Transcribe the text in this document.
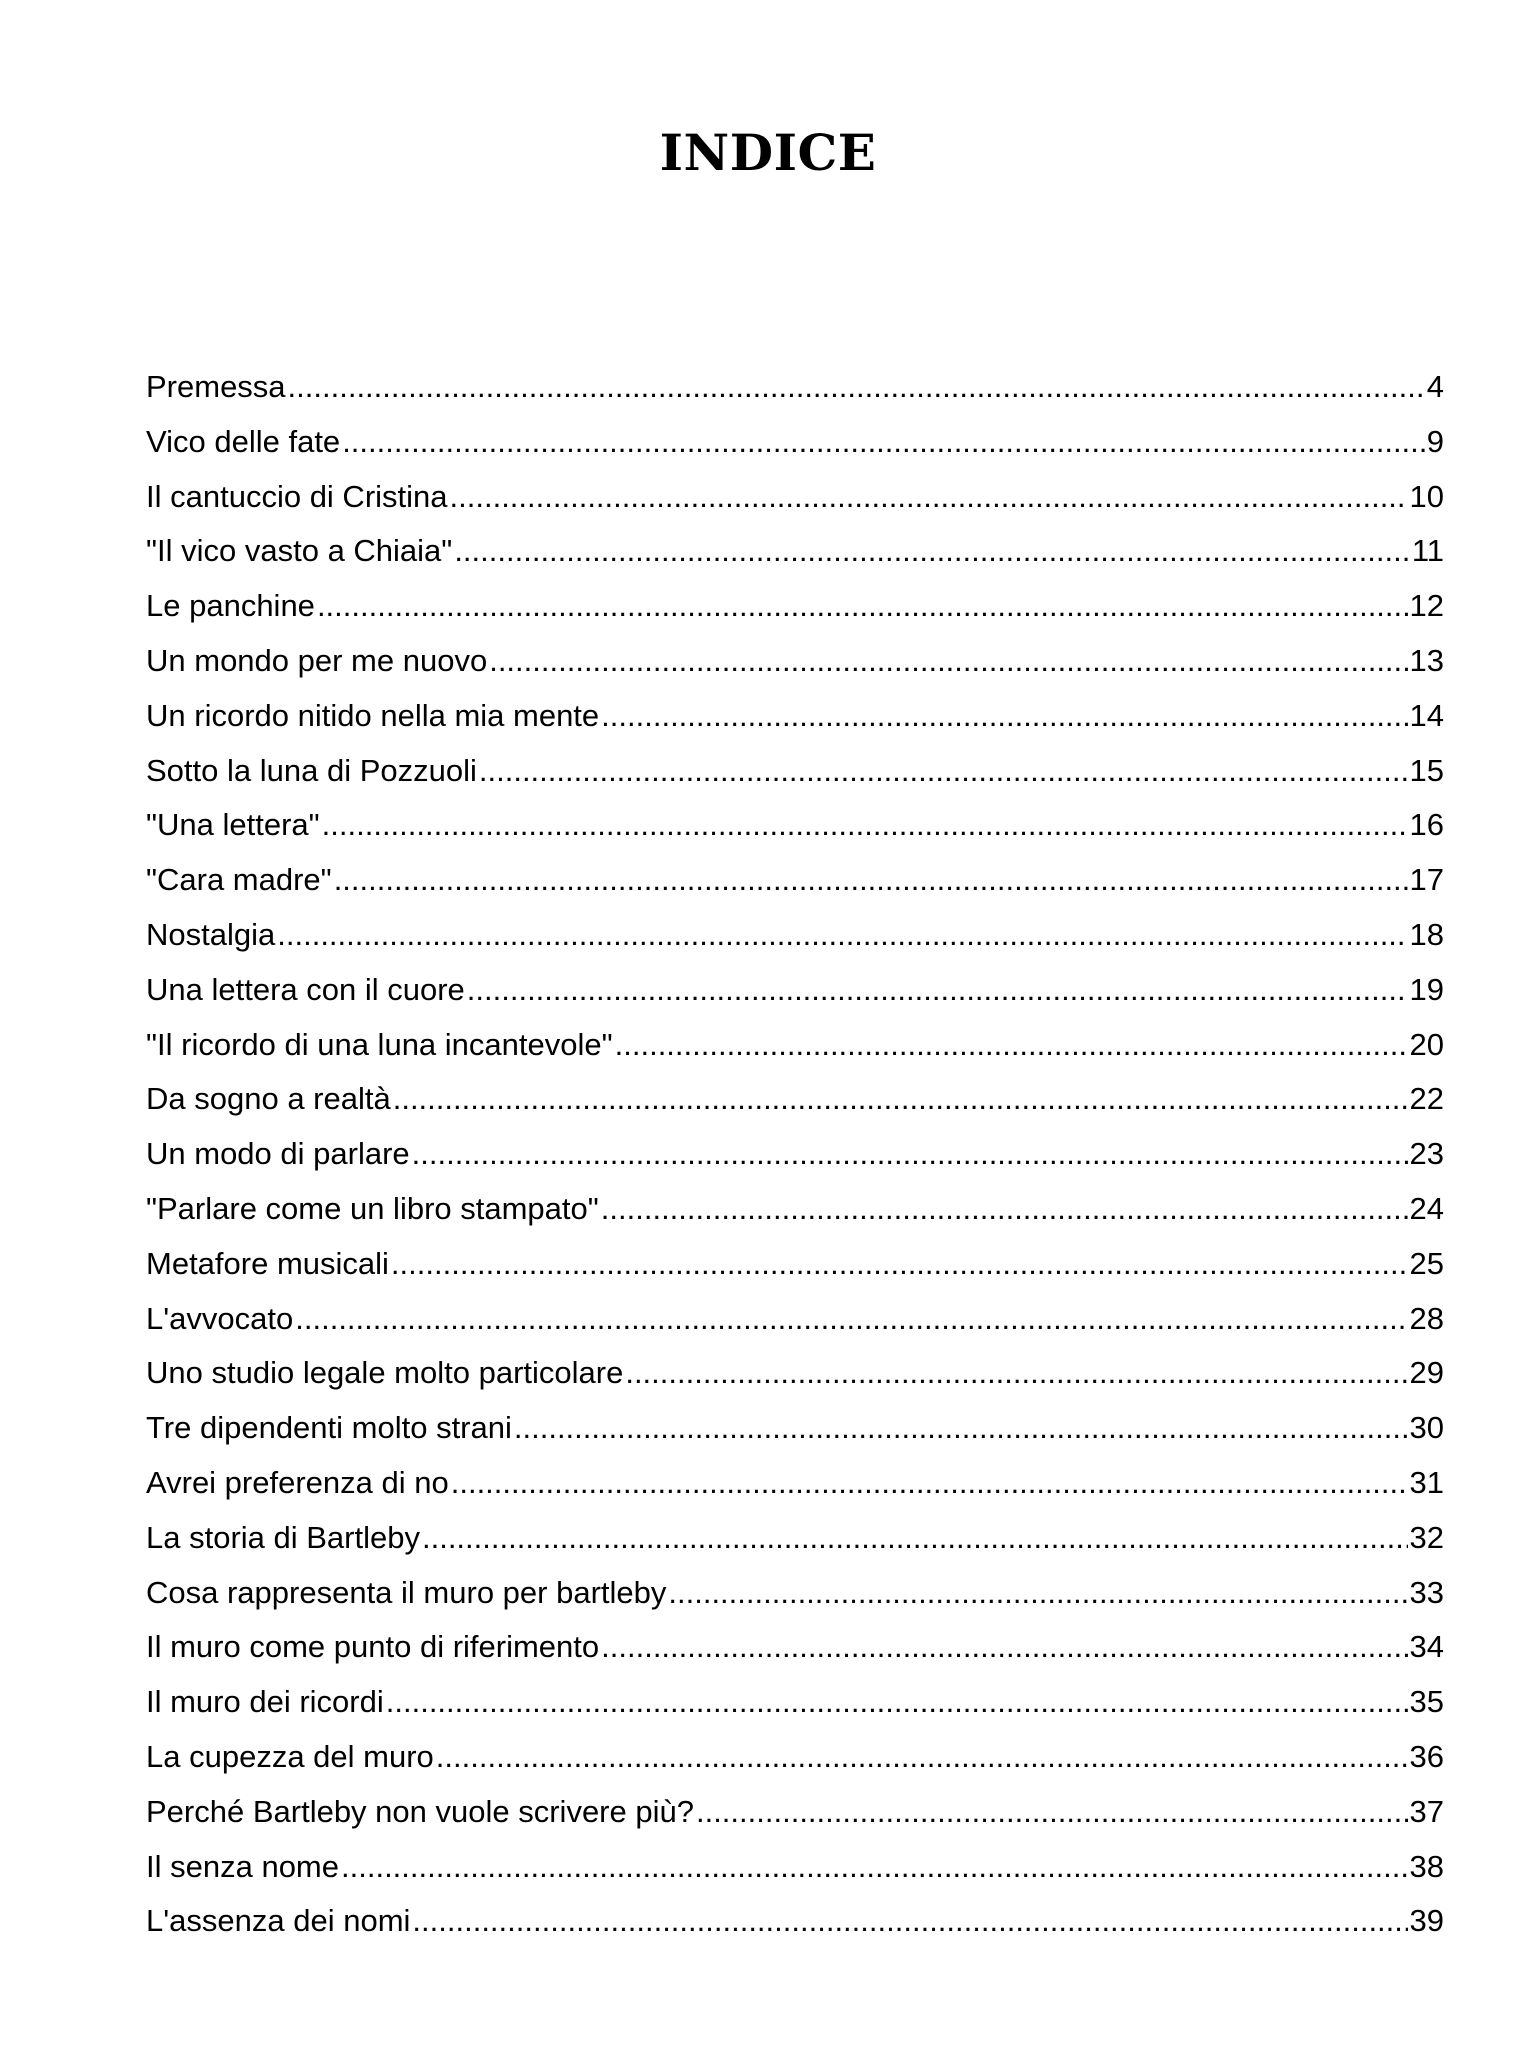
INDICE
Premessa .....	4
Vico delle fate .....	9
Il cantuccio di Cristina .....	10
"Il vico vasto a Chiaia" .....	11
Le panchine .....	12
Un mondo per me nuovo .....	13
Un ricordo nitido nella mia mente .....	14
Sotto la luna di Pozzuoli .....	15
"Una lettera" .....	16
"Cara madre" .....	17
Nostalgia .....	18
Una lettera con il cuore .....	19
"Il ricordo di una luna incantevole" .....	20
Da sogno a realtà .....	22
Un modo di parlare .....	23
"Parlare come un libro stampato" .....	24
Metafore musicali .....	25
L'avvocato .....	28
Uno studio legale molto particolare .....	29
Tre dipendenti molto strani .....	30
Avrei preferenza di no .....	31
La storia di Bartleby .....	32
Cosa rappresenta il muro per bartleby .....	33
Il muro come punto di riferimento .....	34
Il muro dei ricordi .....	35
La cupezza del muro .....	36
Perché Bartleby non vuole scrivere più? .....	37
Il senza nome .....	38
L'assenza dei nomi .....	39
